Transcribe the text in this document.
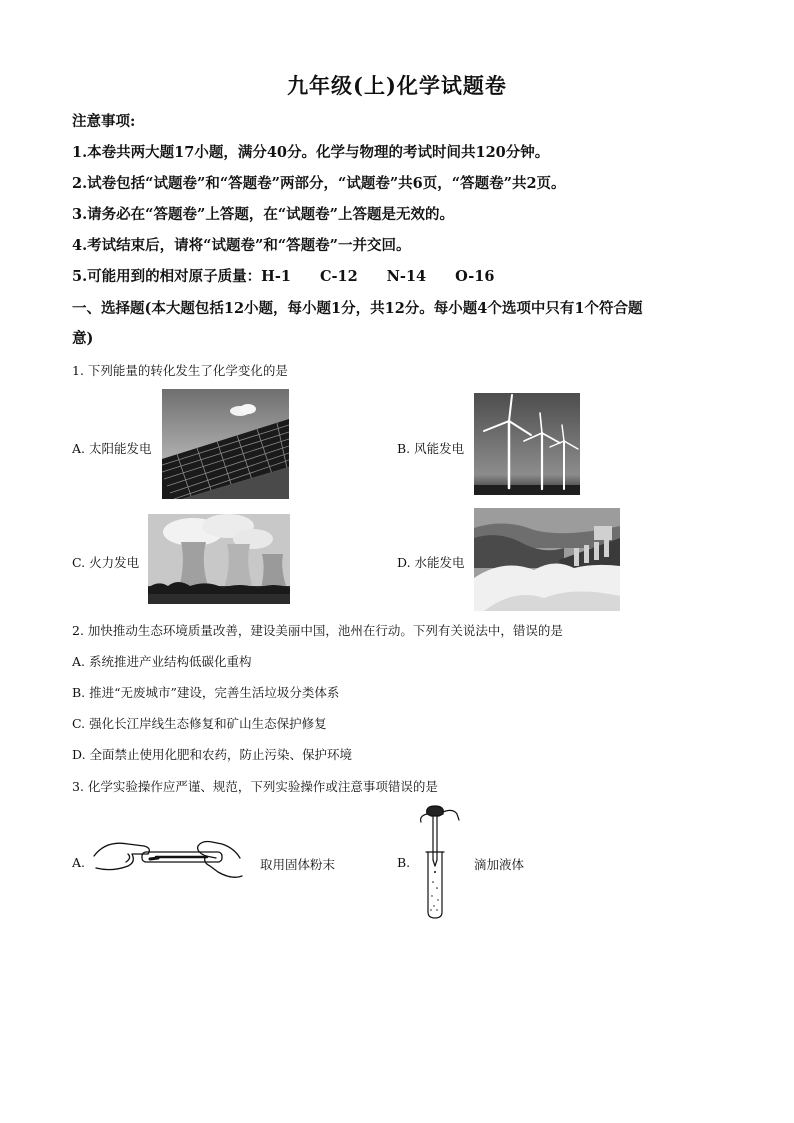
九年级(上)化学试题卷
注意事项:
1.本卷共两大题17小题，满分40分。化学与物理的考试时间共120分钟。
2.试卷包括“试题卷”和“答题卷”两部分，“试题卷”共6页，“答题卷”共2页。
3.请务必在“答题卷”上答题，在“试题卷”上答题是无效的。
4.考试结束后，请将“试题卷”和“答题卷”一并交回。
5.可能用到的相对原子质量：H-1　　C-12　　N-14　　O-16
一、选择题(本大题包括12小题，每小题1分，共12分。每小题4个选项中只有1个符合题
意)
1. 下列能量的转化发生了化学变化的是
A. 太阳能发电	B. 风能发电
C. 火力发电	D. 水能发电
2. 加快推动生态环境质量改善，建设美丽中国，池州在行动。下列有关说法中，错误的是
A. 系统推进产业结构低碳化重构
B. 推进“无废城市”建设，完善生活垃圾分类体系
C. 强化长江岸线生态修复和矿山生态保护修复
D. 全面禁止使用化肥和农药，防止污染、保护环境
3. 化学实验操作应严谨、规范，下列实验操作或注意事项错误的是
A.	取用固体粉末	B.	滴加液体
